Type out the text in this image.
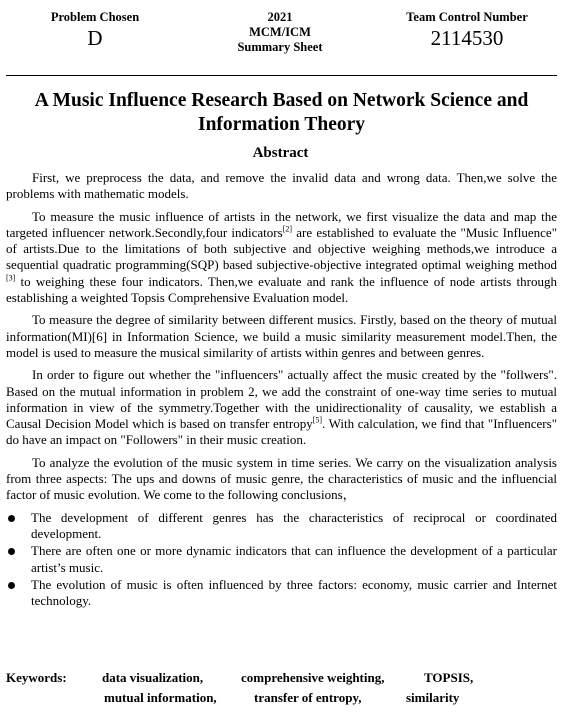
Problem Chosen
D
2021
MCM/ICM
Summary Sheet
Team Control Number
2114530
A Music Influence Research Based on Network Science and Information Theory
Abstract

First, we preprocess the data, and remove the invalid data and wrong data. Then,we solve the problems with mathematic models.

To measure the music influence of artists in the network, we first visualize the data and map the targeted influencer network.Secondly,four indicators[2] are established to evaluate the "Music Influence" of artists.Due to the limitations of both subjective and objective weighing methods,we introduce a sequential quadratic programming(SQP) based subjective-objective integrated optimal weighing method [3] to weighing these four indicators. Then,we evaluate and rank the influence of node artists through establishing a weighted Topsis Comprehensive Evaluation model.

To measure the degree of similarity between different musics. Firstly, based on the theory of mutual information(MI)[6] in Information Science, we build a music similarity measurement model.Then, the model is used to measure the musical similarity of artists within genres and between genres.

In order to figure out whether the "influencers" actually affect the music created by the "follwers". Based on the mutual information in problem 2, we add the constraint of one-way time series to mutual information in view of the symmetry.Together with the unidirectionality of causality, we establish a Causal Decision Model which is based on transfer entropy[5]. With calculation, we find that "Influencers" do have an impact on "Followers" in their music creation.

To analyze the evolution of the music system in time series. We carry on the visualization analysis from three aspects: The ups and downs of music genre, the characteristics of music and the influencial factor of music evolution. We come to the following conclusions，

The development of different genres has the characteristics of reciprocal or coordinated development.
There are often one or more dynamic indicators that can influence the development of a particular artist’s music.
The evolution of music is often influenced by three factors: economy, music carrier and Internet technology.
Keywords:	data visualization,	comprehensive weighting,	TOPSIS,
mutual information,	transfer of entropy,	similarity
